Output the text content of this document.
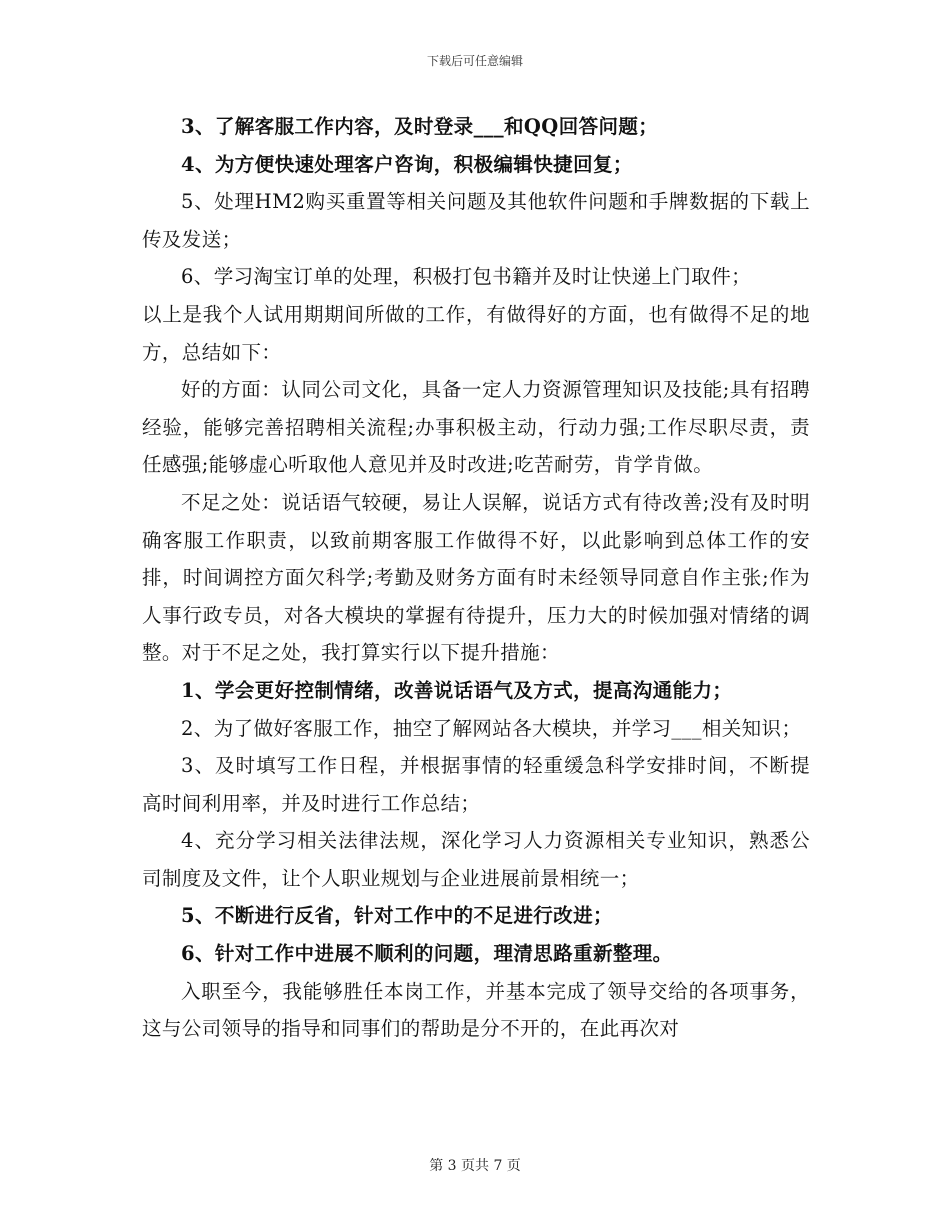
下载后可任意编辑

3、了解客服工作内容，及时登录___和QQ回答问题；

4、为方便快速处理客户咨询，积极编辑快捷回复；

5、处理HM2购买重置等相关问题及其他软件问题和手牌数据的下载上传及发送；

6、学习淘宝订单的处理，积极打包书籍并及时让快递上门取件；

以上是我个人试用期期间所做的工作，有做得好的方面，也有做得不足的地方，总结如下：

好的方面：认同公司文化，具备一定人力资源管理知识及技能;具有招聘经验，能够完善招聘相关流程;办事积极主动，行动力强;工作尽职尽责，责任感强;能够虚心听取他人意见并及时改进;吃苦耐劳，肯学肯做。

不足之处：说话语气较硬，易让人误解，说话方式有待改善;没有及时明确客服工作职责，以致前期客服工作做得不好，以此影响到总体工作的安排，时间调控方面欠科学;考勤及财务方面有时未经领导同意自作主张;作为人事行政专员，对各大模块的掌握有待提升，压力大的时候加强对情绪的调整。对于不足之处，我打算实行以下提升措施：

1、学会更好控制情绪，改善说话语气及方式，提高沟通能力；

2、为了做好客服工作，抽空了解网站各大模块，并学习___相关知识；

3、及时填写工作日程，并根据事情的轻重缓急科学安排时间，不断提高时间利用率，并及时进行工作总结；

4、充分学习相关法律法规，深化学习人力资源相关专业知识，熟悉公司制度及文件，让个人职业规划与企业进展前景相统一；

5、不断进行反省，针对工作中的不足进行改进；

6、针对工作中进展不顺利的问题，理清思路重新整理。

入职至今，我能够胜任本岗工作，并基本完成了领导交给的各项事务，这与公司领导的指导和同事们的帮助是分不开的，在此再次对

第 3 页共 7 页
